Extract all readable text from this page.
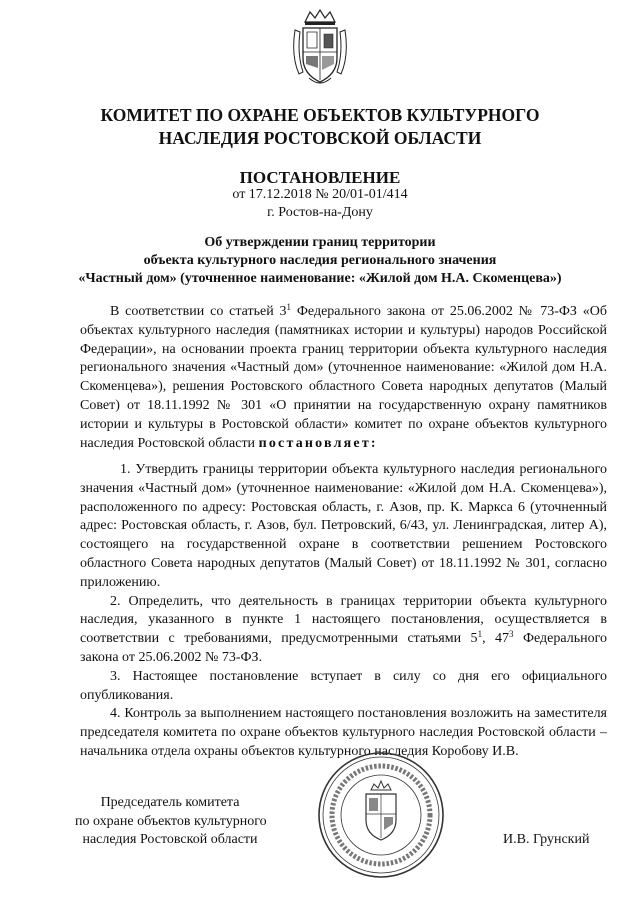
КОМИТЕТ ПО ОХРАНЕ ОБЪЕКТОВ КУЛЬТУРНОГО
НАСЛЕДИЯ РОСТОВСКОЙ ОБЛАСТИ
ПОСТАНОВЛЕНИЕ
от 17.12.2018 № 20/01-01/414
г. Ростов-на-Дону
Об утверждении границ территории
объекта культурного наследия регионального значения
«Частный дом» (уточненное наименование: «Жилой дом Н.А. Скоменцева»)
В соответствии со статьей $3^1$ Федерального закона от 25.06.2002 № 73-ФЗ «Об объектах культурного наследия (памятниках истории и культуры) народов Российской Федерации», на основании проекта границ территории объекта культурного наследия регионального значения «Частный дом» (уточненное наименование: «Жилой дом Н.А. Скоменцева»), решения Ростовского областного Совета народных депутатов (Малый Совет) от 18.11.1992 № 301 «О принятии на государственную охрану памятников истории и культуры в Ростовской области» комитет по охране объектов культурного наследия Ростовской области постановляет:

1. Утвердить границы территории объекта культурного наследия регионального значения «Частный дом» (уточненное наименование: «Жилой дом Н.А. Скоменцева»), расположенного по адресу: Ростовская область, г. Азов, пр. К. Маркса 6 (уточненный адрес: Ростовская область, г. Азов, бул. Петровский, 6/43, ул. Ленинградская, литер А), состоящего на государственной охране в соответствии решением Ростовского областного Совета народных депутатов (Малый Совет) от 18.11.1992 № 301, согласно приложению.

2. Определить, что деятельность в границах территории объекта культурного наследия, указанного в пункте 1 настоящего постановления, осуществляется в соответствии с требованиями, предусмотренными статьями $5^1$, $47^3$ Федерального закона от 25.06.2002 № 73-ФЗ.

3. Настоящее постановление вступает в силу со дня его официального опубликования.

4. Контроль за выполнением настоящего постановления возложить на заместителя председателя комитета по охране объектов культурного наследия Ростовской области – начальника отдела охраны объектов культурного наследия Коробову И.В.

Председатель комитета
по охране объектов культурного
наследия Ростовской области	И.В. Грунский
